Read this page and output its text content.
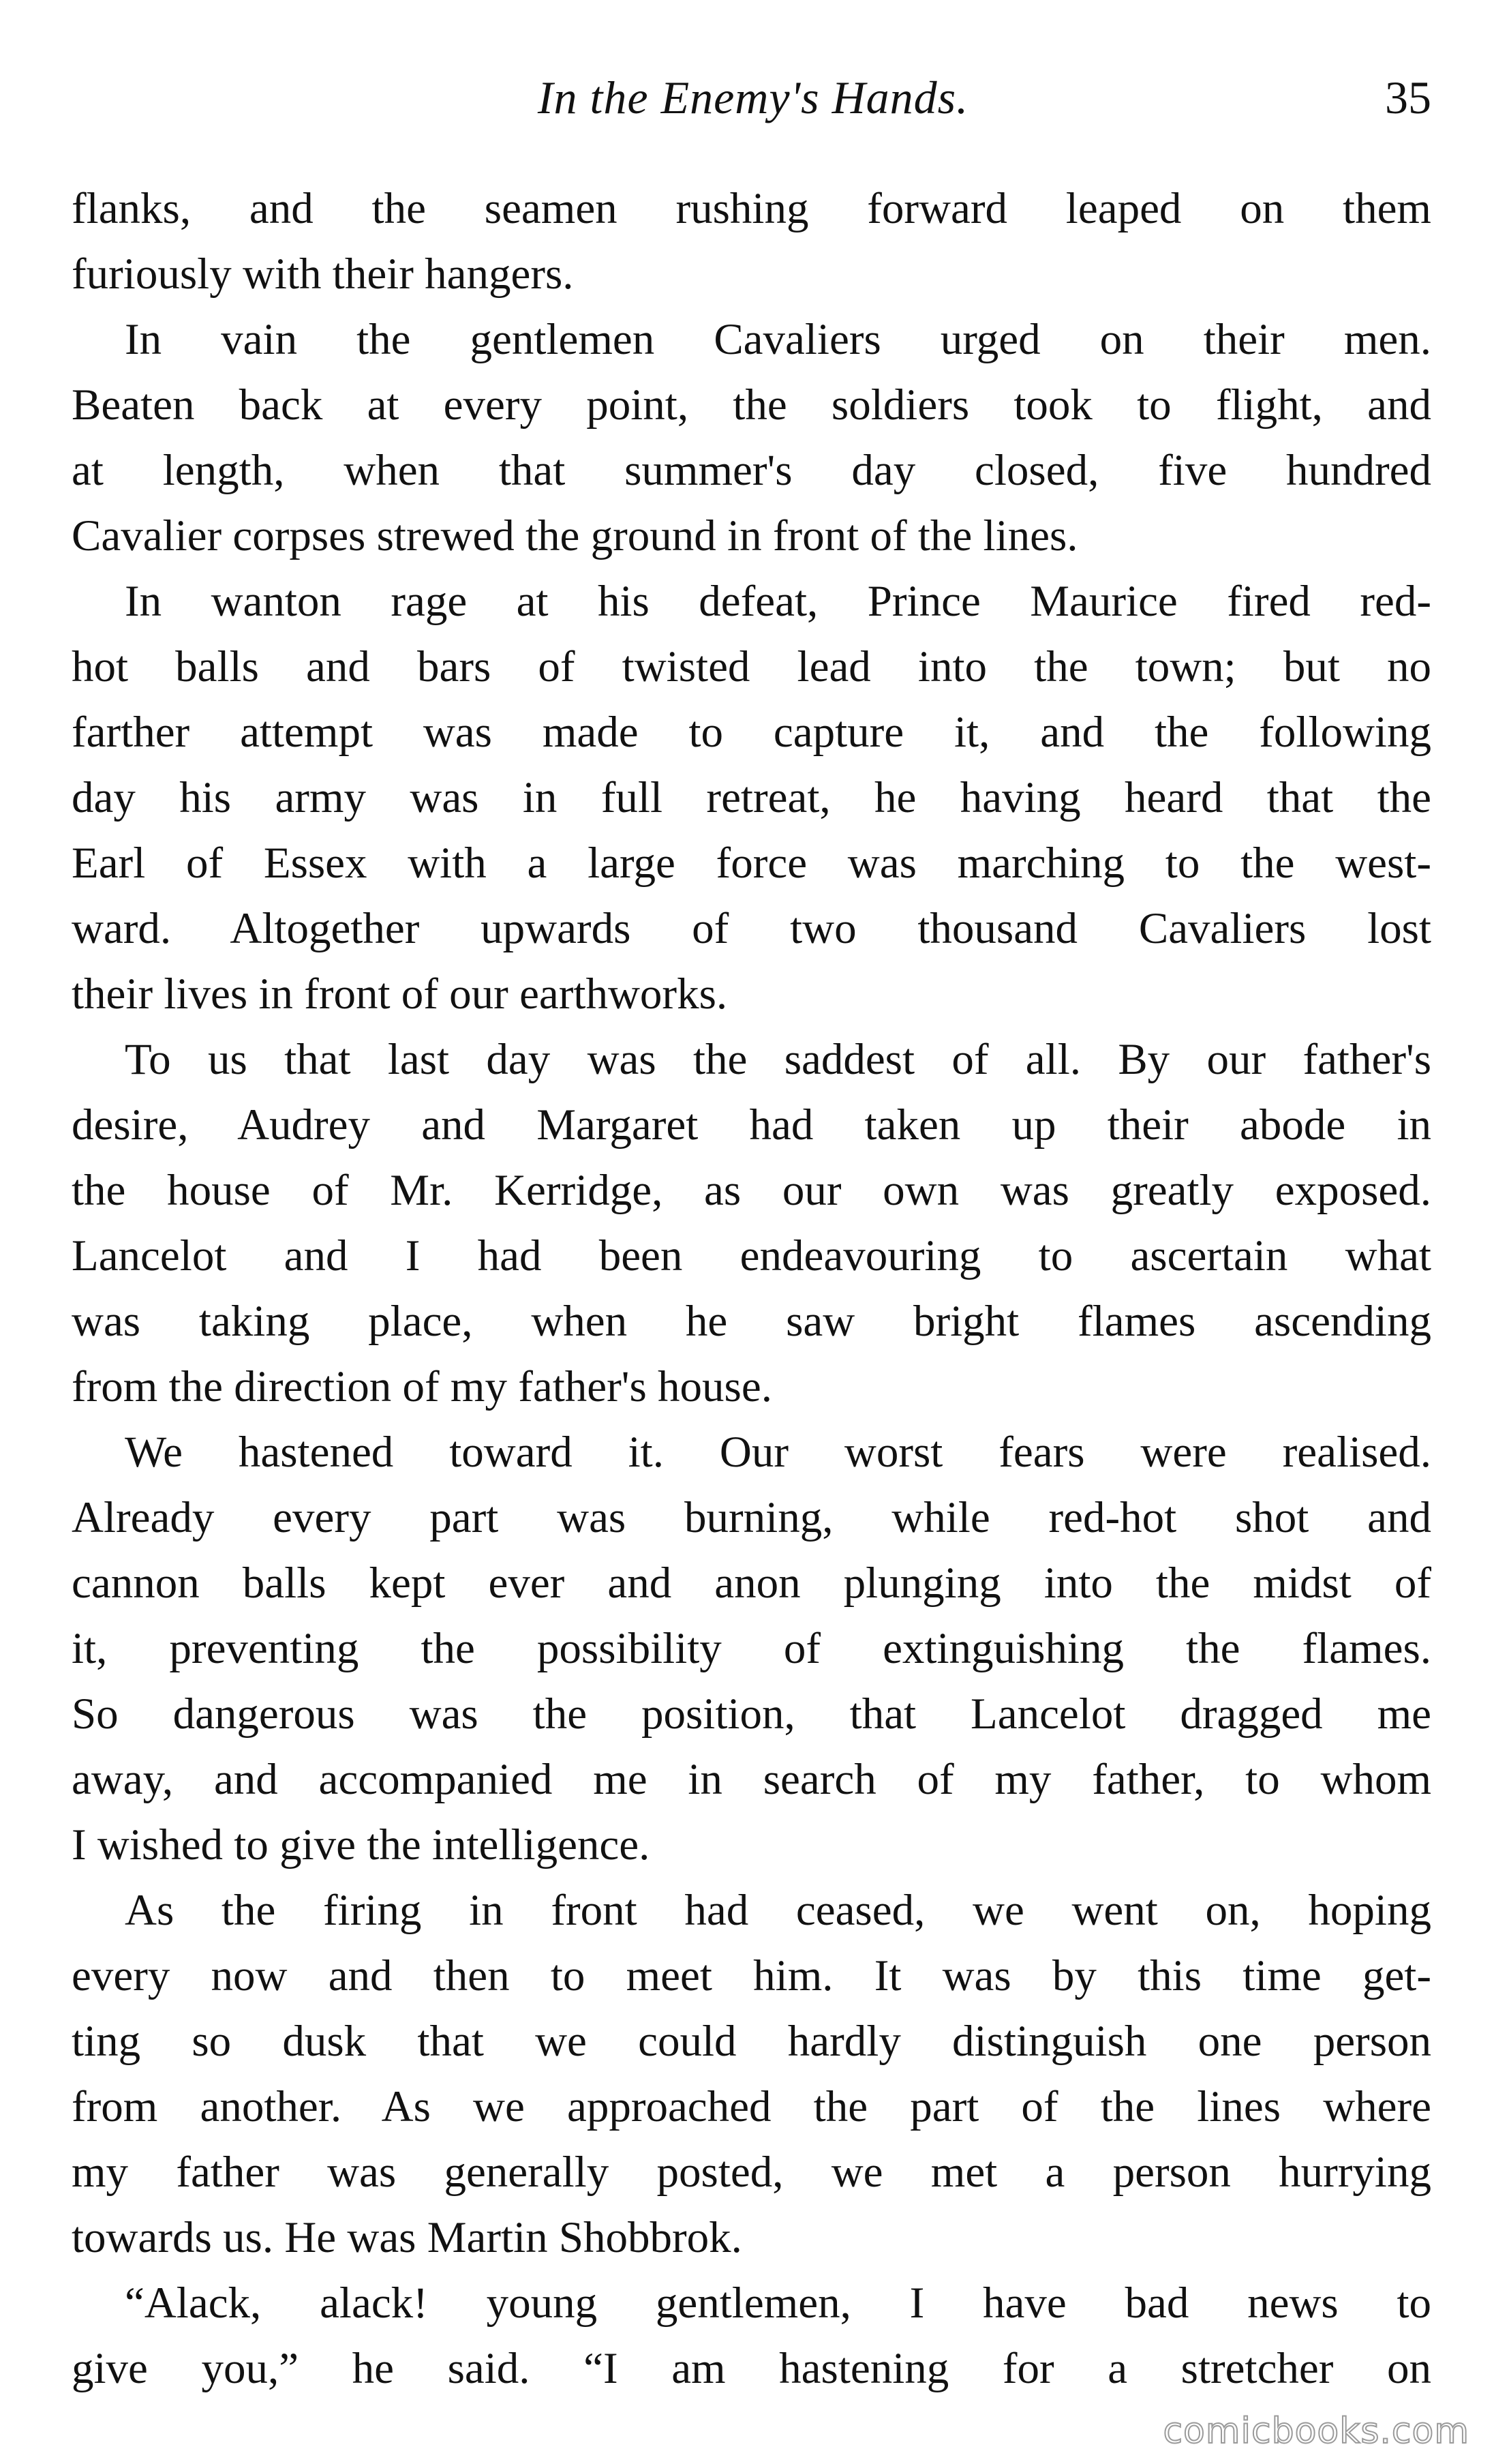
In the Enemy's Hands.	35
flanks, and the seamen rushing forward leaped on them
furiously with their hangers.
In vain the gentlemen Cavaliers urged on their men.
Beaten back at every point, the soldiers took to flight, and
at length, when that summer's day closed, five hundred
Cavalier corpses strewed the ground in front of the lines.
In wanton rage at his defeat, Prince Maurice fired red-
hot balls and bars of twisted lead into the town; but no
farther attempt was made to capture it, and the following
day his army was in full retreat, he having heard that the
Earl of Essex with a large force was marching to the west-
ward. Altogether upwards of two thousand Cavaliers lost
their lives in front of our earthworks.
To us that last day was the saddest of all. By our father's
desire, Audrey and Margaret had taken up their abode in
the house of Mr. Kerridge, as our own was greatly exposed.
Lancelot and I had been endeavouring to ascertain what
was taking place, when he saw bright flames ascending
from the direction of my father's house.
We hastened toward it. Our worst fears were realised.
Already every part was burning, while red-hot shot and
cannon balls kept ever and anon plunging into the midst of
it, preventing the possibility of extinguishing the flames.
So dangerous was the position, that Lancelot dragged me
away, and accompanied me in search of my father, to whom
I wished to give the intelligence.
As the firing in front had ceased, we went on, hoping
every now and then to meet him. It was by this time get-
ting so dusk that we could hardly distinguish one person
from another. As we approached the part of the lines where
my father was generally posted, we met a person hurrying
towards us. He was Martin Shobbrok.
“Alack, alack! young gentlemen, I have bad news to
give you,” he said. “I am hastening for a stretcher on
comicbooks.com
